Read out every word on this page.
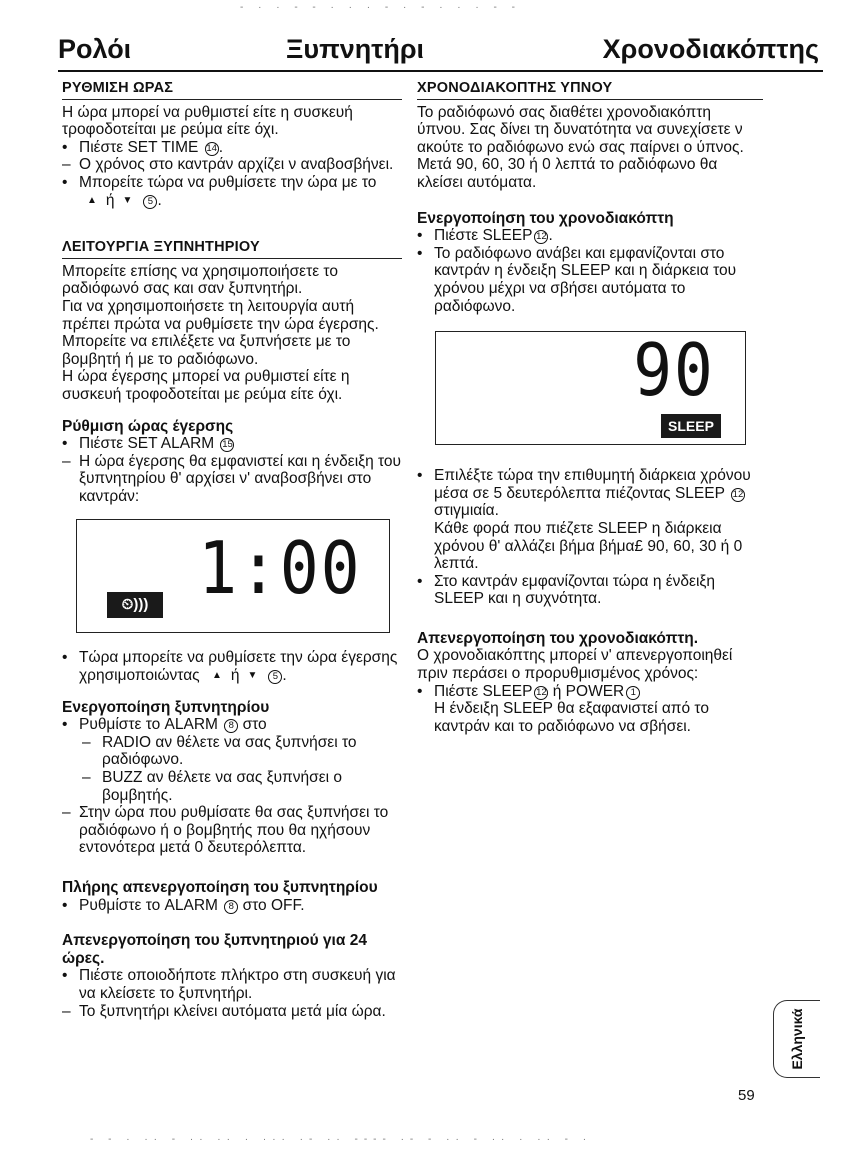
- · · - - · · · - · - · · · - -
Ρολόι	Ξυπνητήρι	Χρονοδιακόπτης
ΡΥΘΜΙΣΗ ΩΡΑΣ

Η ώρα μπορεί να ρυθμιστεί είτε η συσκευή τροφοδοτείται με ρεύμα είτε όχι.

• Πιέστε SET TIME 14 .
– Ο χρόνος στο καντράν αρχίζει ν αναβοσβήνει.
• Μπορείτε τώρα να ρυθμίσετε την ώρα με το ▲ ή ▼ 5 .
ΛΕΙΤΟΥΡΓΙΑ ΞΥΠΝΗΤΗΡΙΟΥ

Μπορείτε επίσης να χρησιμοποιήσετε το ραδιόφωνό σας και σαν ξυπνητήρι.

Για να χρησιμοποιήσετε τη λειτουργία αυτή πρέπει πρώτα να ρυθμίσετε την ώρα έγερσης.

Μπορείτε να επιλέξετε να ξυπνήσετε με το βομβητή ή με το ραδιόφωνο.

Η ώρα έγερσης μπορεί να ρυθμιστεί είτε η συσκευή τροφοδοτείται με ρεύμα είτε όχι.

Ρύθμιση ώρας έγερσης
• Πιέστε SET ALARM 15
– Η ώρα έγερσης θα εμφανιστεί και η ένδειξη του ξυπνητηρίου θ' αρχίσει ν' αναβοσβήνει στο καντράν:
1:00
⏲)))
• Τώρα μπορείτε να ρυθμίσετε την ώρα έγερσης χρησιμοποιώντας ▲ ή ▼ 5 .
Ενεργοποίηση ξυπνητηρίου
• Ρυθμίστε το ALARM 8 στο
– RADIO αν θέλετε να σας ξυπνήσει το ραδιόφωνο.
– BUZZ αν θέλετε να σας ξυπνήσει ο βομβητής.
– Στην ώρα που ρυθμίσατε θα σας ξυπνήσει το ραδιόφωνο ή ο βομβητής που θα ηχήσουν εντονότερα μετά 0 δευτερόλεπτα.
Πλήρης απενεργοποίηση του ξυπνητηρίου
• Ρυθμίστε το ALARM 8 στο OFF.
Απενεργοποίηση του ξυπνητηριού για 24 ώρες.
• Πιέστε οποιοδήποτε πλήκτρο στη συσκευή για να κλείσετε το ξυπνητήρι.
– Το ξυπνητήρι κλείνει αυτόματα μετά μία ώρα.
ΧΡΟΝΟΔΙΑΚΟΠΤΗΣ ΥΠΝΟΥ

Το ραδιόφωνό σας διαθέτει χρονοδιακόπτη ύπνου. Σας δίνει τη δυνατότητα να συνεχίσετε ν ακούτε το ραδιόφωνο ενώ σας παίρνει ο ύπνος. Μετά 90, 60, 30 ή 0 λεπτά το ραδιόφωνο θα κλείσει αυτόματα.

Ενεργοποίηση του χρονοδιακόπτη
• Πιέστε SLEEP 12 .
• Το ραδιόφωνο ανάβει και εμφανίζονται στο καντράν η ένδειξη SLEEP και η διάρκεια του χρόνου μέχρι να σβήσει αυτόματα το ραδιόφωνο.
90
SLEEP
• Επιλέξτε τώρα την επιθυμητή διάρκεια χρόνου μέσα σε 5 δευτερόλεπτα πιέζοντας SLEEP 12 στιγμιαία.
Κάθε φορά που πιέζετε SLEEP η διάρκεια χρόνου θ' αλλάζει βήμα βήμα£ 90, 60, 30 ή 0 λεπτά.
• Στο καντράν εμφανίζονται τώρα η ένδειξη SLEEP και η συχνότητα.
Απενεργοποίηση του χρονοδιακόπτη.

Ο χρονοδιακόπτης μπορεί ν' απενεργοποιηθεί πριν περάσει ο προρυθμισμένος χρόνος:

• Πιέστε SLEEP 12 ή POWER 1
Η ένδειξη SLEEP θα εξαφανιστεί από το καντράν και το ραδιόφωνο να σβήσει.
Ελληνικά
59
- - · ·· - ·· ·· · ··· ·- ·· ---- ·- - ·· - ·· · ·· - ·
